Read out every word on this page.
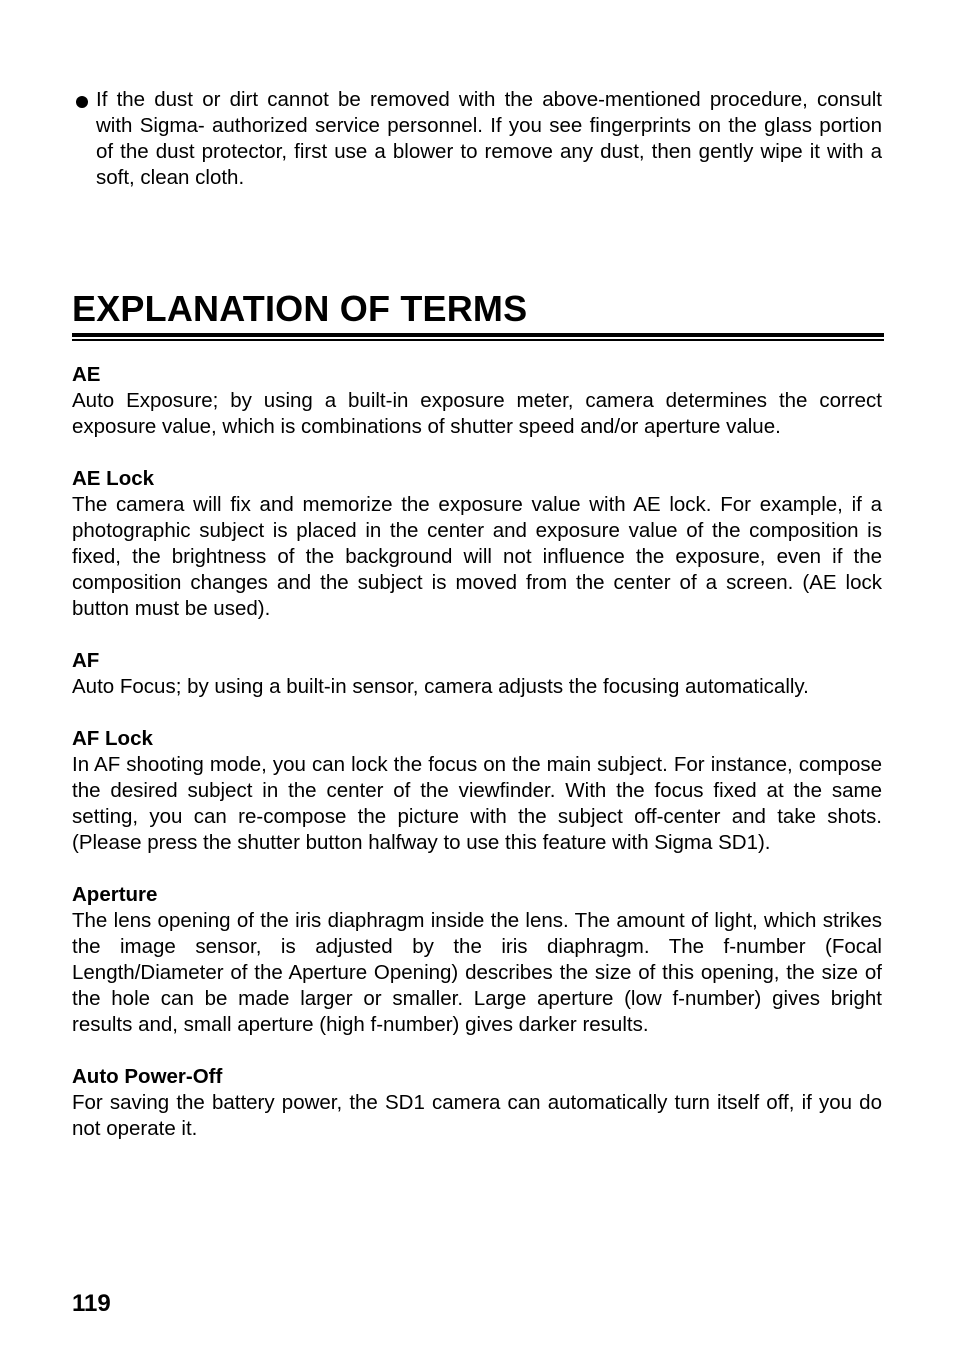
If the dust or dirt cannot be removed with the above-mentioned procedure, consult with Sigma- authorized service personnel. If you see fingerprints on the glass portion of the dust protector, first use a blower to remove any dust, then gently wipe it with a soft, clean cloth.
EXPLANATION OF TERMS
AE
Auto Exposure; by using a built-in exposure meter, camera determines the correct exposure value, which is combinations of shutter speed and/or aperture value.
AE Lock
The camera will fix and memorize the exposure value with AE lock. For example, if a photographic subject is placed in the center and exposure value of the composition is fixed, the brightness of the background will not influence the exposure, even if the composition changes and the subject is moved from the center of a screen. (AE lock button must be used).
AF
Auto Focus; by using a built-in sensor, camera adjusts the focusing automatically.
AF Lock
In AF shooting mode, you can lock the focus on the main subject. For instance, compose the desired subject in the center of the viewfinder. With the focus fixed at the same setting, you can re-compose the picture with the subject off-center and take shots. (Please press the shutter button halfway to use this feature with Sigma SD1).
Aperture
The lens opening of the iris diaphragm inside the lens. The amount of light, which strikes the image sensor, is adjusted by the iris diaphragm. The f-number (Focal Length/Diameter of the Aperture Opening) describes the size of this opening, the size of the hole can be made larger or smaller. Large aperture (low f-number) gives bright results and, small aperture (high f-number) gives darker results.
Auto Power-Off
For saving the battery power, the SD1 camera can automatically turn itself off, if you do not operate it.
119
